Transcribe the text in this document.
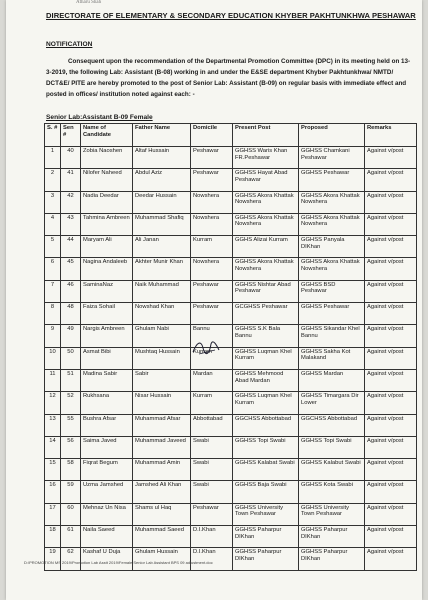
Atharu Shah
DIRECTORATE OF ELEMENTARY & SECONDARY EDUCATION KHYBER PAKHTUNKHWA PESHAWAR
NOTIFICATION
Consequent upon the recommendation of the Departmental Promotion Committee (DPC) in its meeting held on 13-3-2019, the following Lab: Assistant (B-08) working in and under the E&SE department Khyber Pakhtunkhwa/ NMTD/ DCT&E/ PITE are hereby promoted to the post of Senior Lab: Assistant (B-09) on regular basis with immediate effect and posted in offices/ institution noted against each: -
Senior Lab:Assistant B-09 Female
S. #	Sen #	Name of Candidate	Father Name	Domicile	Present Post	Proposed	Remarks
1	40	Zobia Naoshen	Altaf Hussain	Peshawar	GGHSS Waris Khan FR.Peshawar	GGHSS Chamkani Peshawar	Against v/post
2	41	Nilofer Naheed	Abdul Aziz	Peshawar	GGHSS Hayat Abad Peshawar	GGHSS Peshawar	Against v/post
3	42	Nadia Deedar	Deedar Hussain	Nowshera	GGHSS Akora Khattak Nowshera	GGHSS Akora Khattak Nowshera	Against v/post
4	43	Tahmina Ambreen	Muhammad Shafiq	Nowshera	GGHSS Akora Khattak Nowshera	GGHSS Akora Khattak Nowshera	Against v/post
5	44	Maryam Ali	Ali Janan	Kurram	GGHS Alizai Kurram	GGHSS Panyala DIKhan	Against v/post
6	45	Nagina Andaleeb	Akhter Munir Khan	Nowshera	GGHSS Akora Khattak Nowshera	GGHSS Akora Khattak Nowshera	Against v/post
7	46	SaminaNaz	Naik Muhammad	Peshawar	GGHSS Nishtar Abad Peshawar	GGHSS BSD Peshawar	Against v/post
8	48	Faiza Sohail	Nowshad Khan	Peshawar	GCGHSS Peshawar	GGHSS Peshawar	Against v/post
9	49	Nargis Ambreen	Ghulam Nabi	Bannu	GGHSS S.K Bala Bannu	GGHSS Sikandar Khel Bannu	Against v/post
10	50	Asmat Bibi	Mushtaq Hussain	Kurram	GGHSS Luqman Khel Kurram	GGHSS Sakha Kot Malakand	Against v/post
11	51	Madina Sabir	Sabir	Mardan	GGHSS Mehmood Abad Mardan	GGHSS Mardan	Against v/post
12	52	Rukhsana	Nisar Hussain	Kurram	GGHSS Luqman Khel Kurram	GGHSS Timargara Dir Lower	Against v/post
13	55	Bushra Afsar	Muhammad Afsar	Abbottabad	GGCHSS Abbottabad	GGCHSS Abbottabad	Against v/post
14	56	Saima Javed	Muhammad Javeed	Swabi	GGHSS Topi Swabi	GGHSS Topi Swabi	Against v/post
15	58	Fiqrat Begum	Muhammad Amin	Swabi	GGHSS Kalabat Swabi	GGHSS Kalabut Swabi	Against v/post
16	59	Uzma Jamshed	Jamshed Ali Khan	Swabi	GGHSS Baja Swabi	GGHSS Kota Swabi	Against v/post
17	60	Mehnaz Un Nisa	Shams ul Haq	Peshawar	GGHSS University Town Peshawar	GGHSS University Town Peshawar	Against v/post
18	61	Naila Saeed	Muhammad Saeed	D.I.Khan	GGHSS Paharpur DIKhan	GGHSS Paharpur DIKhan	Against v/post
19	62	Kashaf U Duja	Ghulam Hussain	D.I.Khan	GGHSS Paharpur DIKhan	GGHSS Paharpur DIKhan	Against v/post
D:\PROMOTION MS 2019\Promotion Lab Asstt 2019\Female Senior Lab Assistant BPS 09 adjustment.doc
